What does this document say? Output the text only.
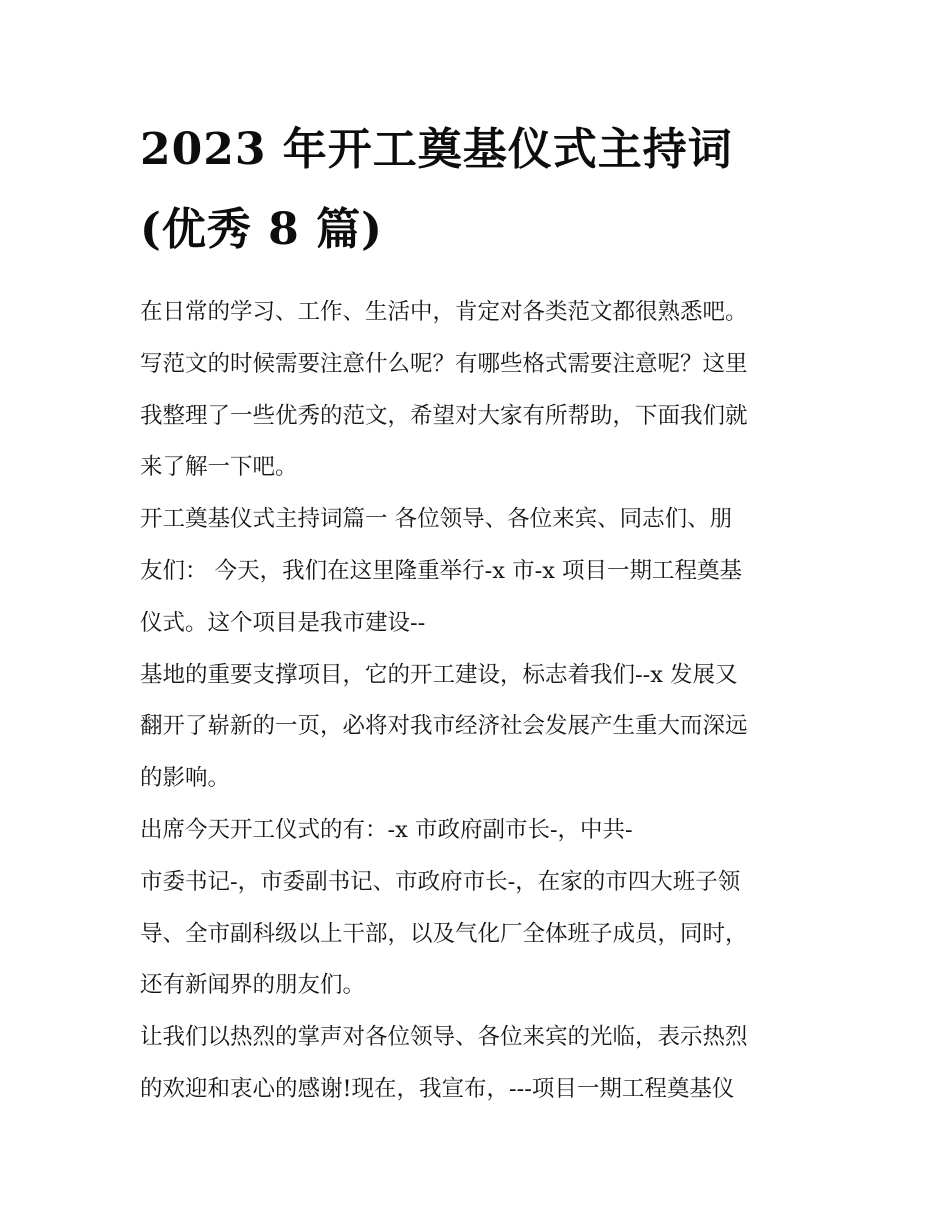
2023 年开工奠基仪式主持词
(优秀 8 篇)
在日常的学习、工作、生活中，肯定对各类范文都很熟悉吧。
写范文的时候需要注意什么呢？有哪些格式需要注意呢？这里
我整理了一些优秀的范文，希望对大家有所帮助，下面我们就
来了解一下吧。
开工奠基仪式主持词篇一 各位领导、各位来宾、同志们、朋
友们： 今天，我们在这里隆重举行-x 市-x 项目一期工程奠基
仪式。这个项目是我市建设--
基地的重要支撑项目，它的开工建设，标志着我们--x 发展又
翻开了崭新的一页，必将对我市经济社会发展产生重大而深远
的影响。
出席今天开工仪式的有：-x 市政府副市长-，中共-
市委书记-，市委副书记、市政府市长-，在家的市四大班子领
导、全市副科级以上干部，以及气化厂全体班子成员，同时，
还有新闻界的朋友们。
让我们以热烈的掌声对各位领导、各位来宾的光临，表示热烈
的欢迎和衷心的感谢!现在，我宣布，---项目一期工程奠基仪
